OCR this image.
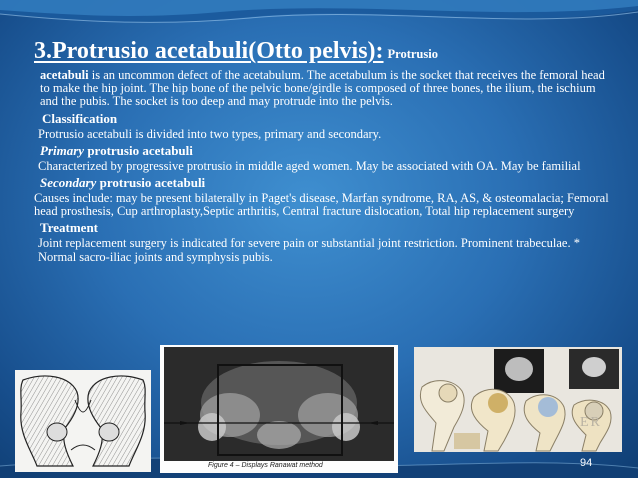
3.Protrusio acetabuli(Otto pelvis): Protrusio

acetabuli is an uncommon defect of the acetabulum. The acetabulum is the socket that receives the femoral head to make the hip joint. The hip bone of the pelvic bone/girdle is composed of three bones, the ilium, the ischium and the pubis. The socket is too deep and may protrude into the pelvis.

Classification

Protrusio acetabuli is divided into two types, primary and secondary.

Primary protrusio acetabuli

Characterized by progressive protrusio in middle aged women. May be associated with OA. May be familial

Secondary protrusio acetabuli

Causes include: may be present bilaterally in Paget's disease, Marfan syndrome, RA, AS, & osteomalacia; Femoral head prosthesis, Cup arthroplasty,Septic arthritis, Central fracture dislocation, Total hip replacement surgery

Treatment

Joint replacement surgery is indicated for severe pain or substantial joint restriction. Prominent trabeculae. * Normal sacro-iliac joints and symphysis pubis.

Figure 4 – Displays Ranawat method
ER
94
